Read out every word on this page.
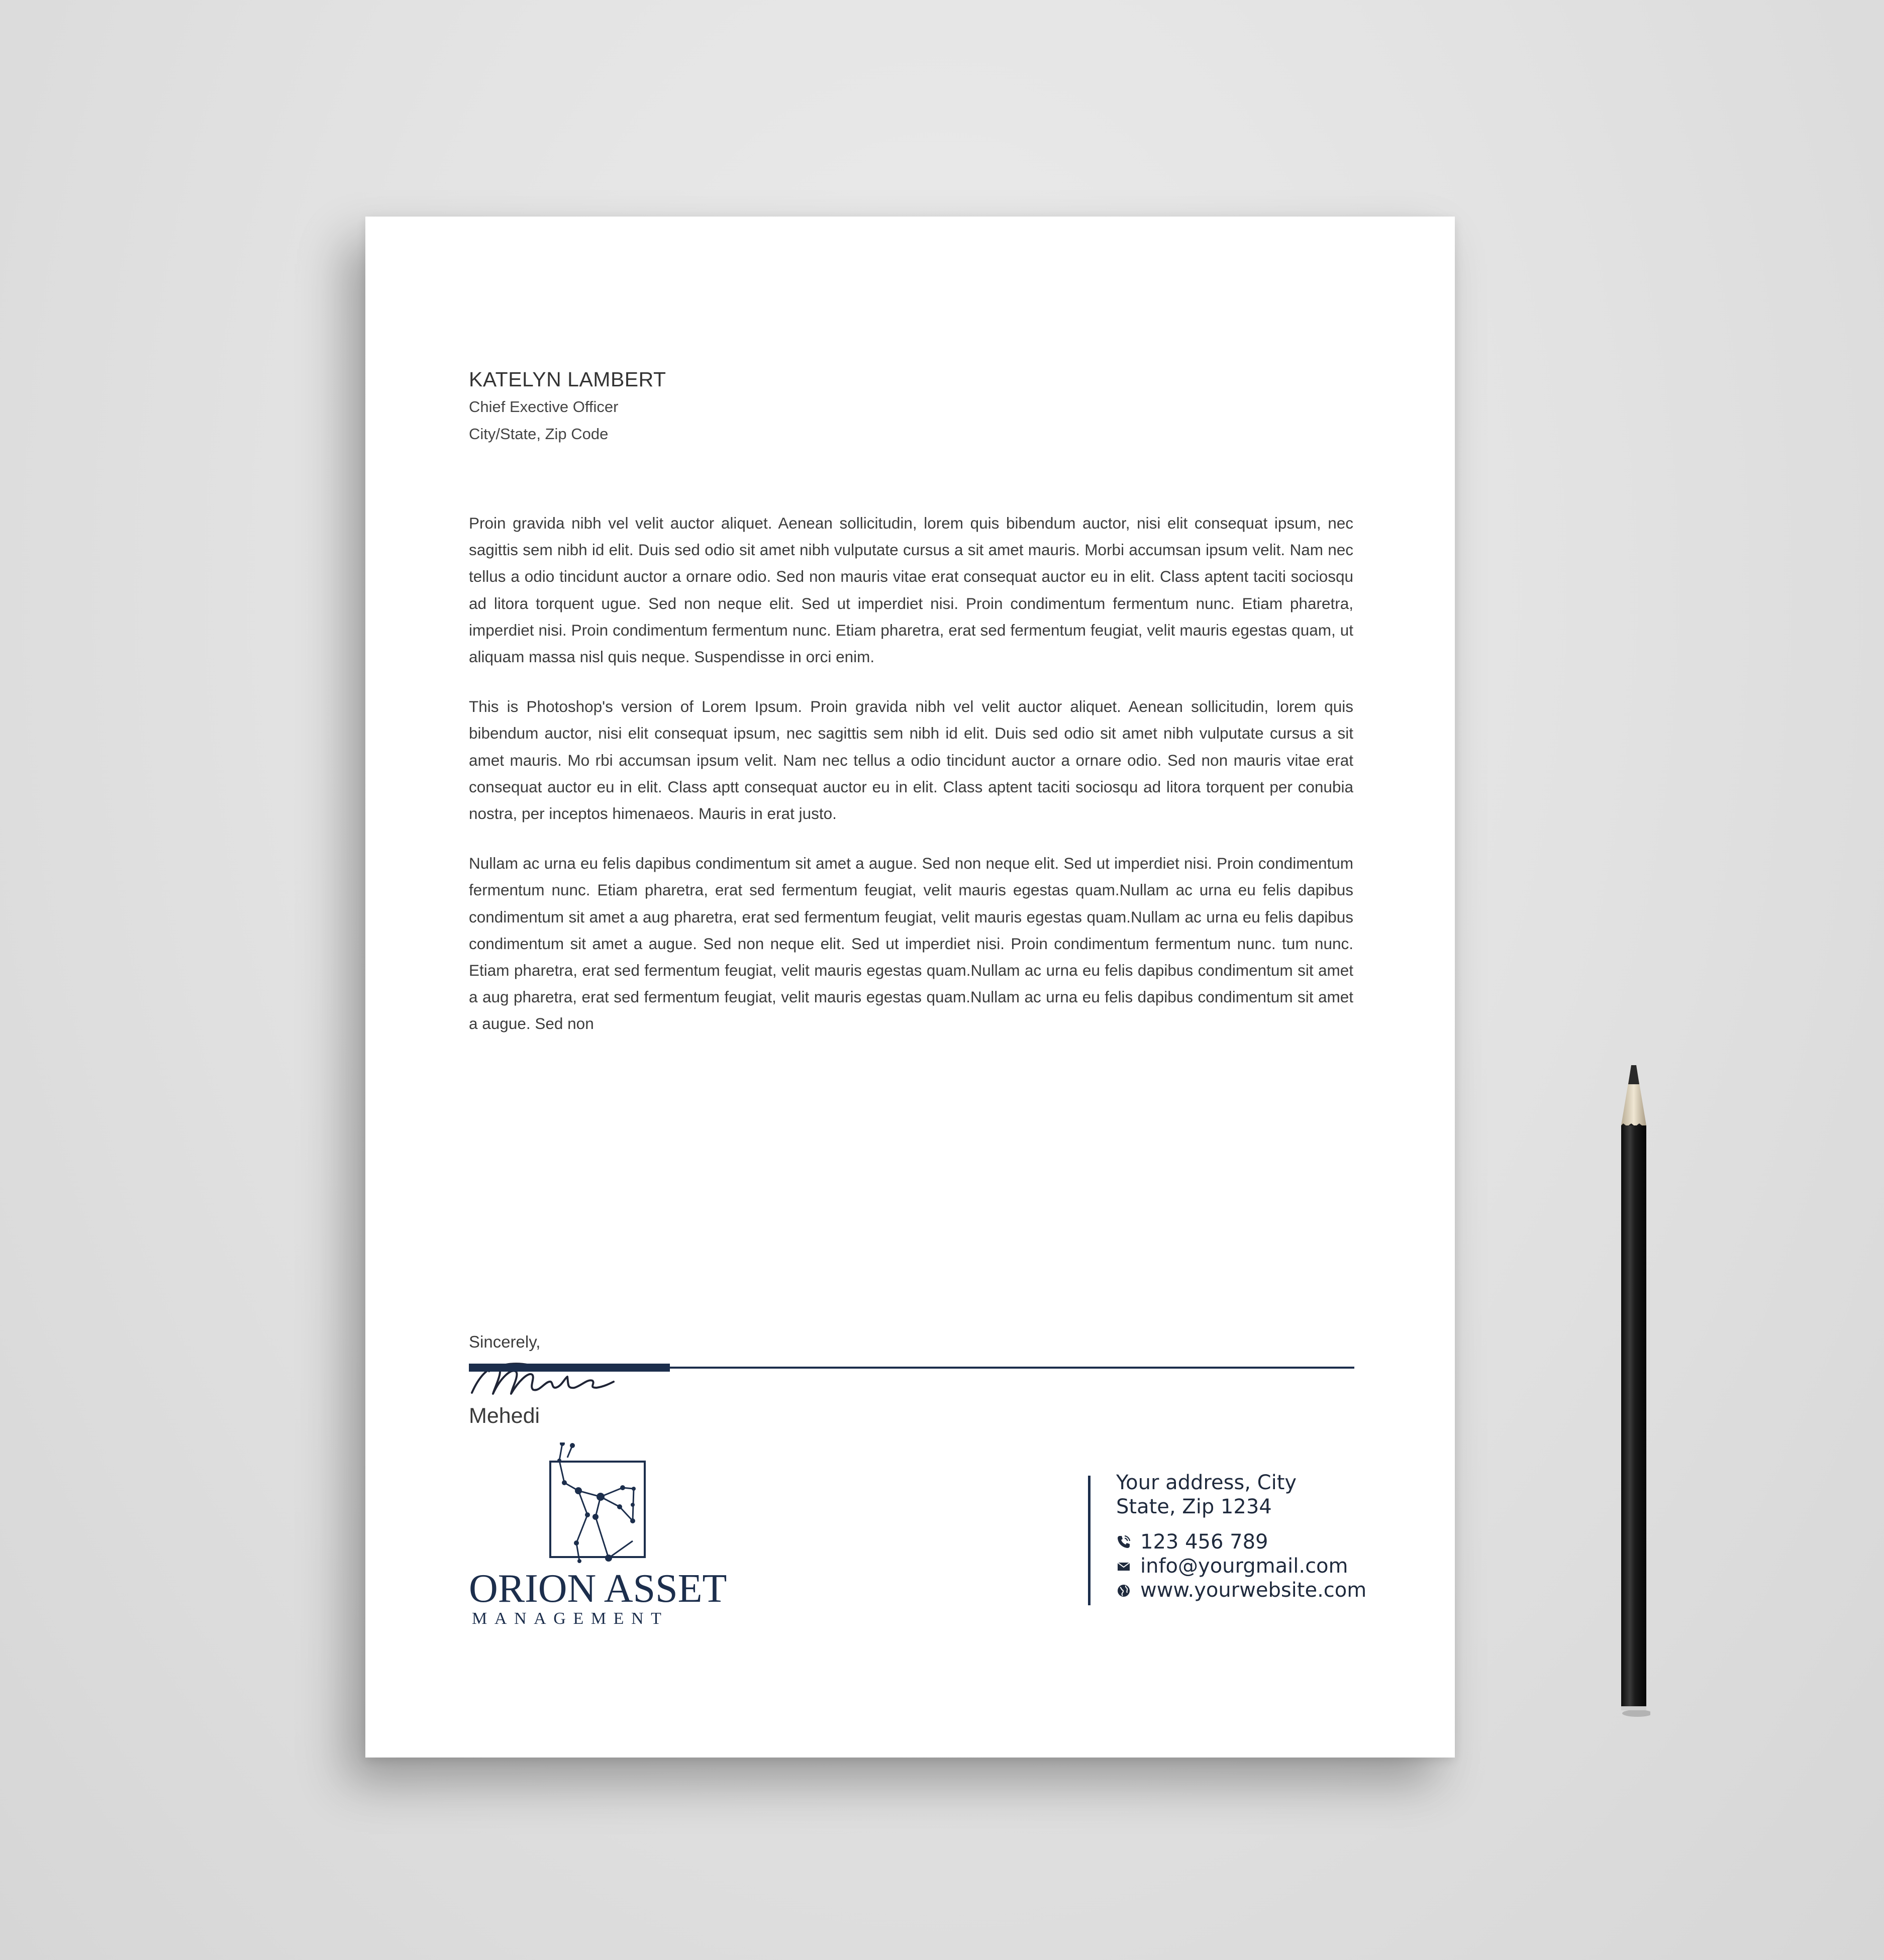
KATELYN LAMBERT
Chief Exective Officer
City/State, Zip Code

Proin gravida nibh vel velit auctor aliquet. Aenean sollicitudin, lorem quis bibendum auctor, nisi elit consequat ipsum, nec sagittis sem nibh id elit. Duis sed odio sit amet nibh vulputate cursus a sit amet mauris. Morbi accumsan ipsum velit. Nam nec tellus a odio tincidunt auctor a ornare odio. Sed non mauris vitae erat consequat auctor eu in elit. Class aptent taciti sociosqu ad litora torquent ugue. Sed non neque elit. Sed ut imperdiet nisi. Proin condimentum fermentum nunc. Etiam pharetra, imperdiet nisi. Proin condimentum fermentum nunc. Etiam pharetra, erat sed fermentum feugiat, velit mauris egestas quam, ut aliquam massa nisl quis neque. Suspendisse in orci enim.

This is Photoshop's version of Lorem Ipsum. Proin gravida nibh vel velit auctor aliquet. Aenean sollicitudin, lorem quis bibendum auctor, nisi elit consequat ipsum, nec sagittis sem nibh id elit. Duis sed odio sit amet nibh vulputate cursus a sit amet mauris. Mo rbi accumsan ipsum velit. Nam nec tellus a odio tincidunt auctor a ornare odio. Sed non mauris vitae erat consequat auctor eu in elit. Class aptt consequat auctor eu in elit. Class aptent taciti sociosqu ad litora torquent per conubia nostra, per inceptos himenaeos. Mauris in erat justo.

Nullam ac urna eu felis dapibus condimentum sit amet a augue. Sed non neque elit. Sed ut imperdiet nisi. Proin condimentum fermentum nunc. Etiam pharetra, erat sed fermentum feugiat, velit mauris egestas quam.Nullam ac urna eu felis dapibus condimentum sit amet a aug pharetra, erat sed fermentum feugiat, velit mauris egestas quam.Nullam ac urna eu felis dapibus condimentum sit amet a augue. Sed non neque elit. Sed ut imperdiet nisi. Proin condimentum fermentum nunc. tum nunc. Etiam pharetra, erat sed fermentum feugiat, velit mauris egestas quam.Nullam ac urna eu felis dapibus condimentum sit amet a aug pharetra, erat sed fermentum feugiat, velit mauris egestas quam.Nullam ac urna eu felis dapibus condimentum sit amet a augue. Sed non

Sincerely,
Mehedi
ORION ASSET
MANAGEMENT
Your address, City
State, Zip 1234
123 456 789
info@yourgmail.com
www.yourwebsite.com
